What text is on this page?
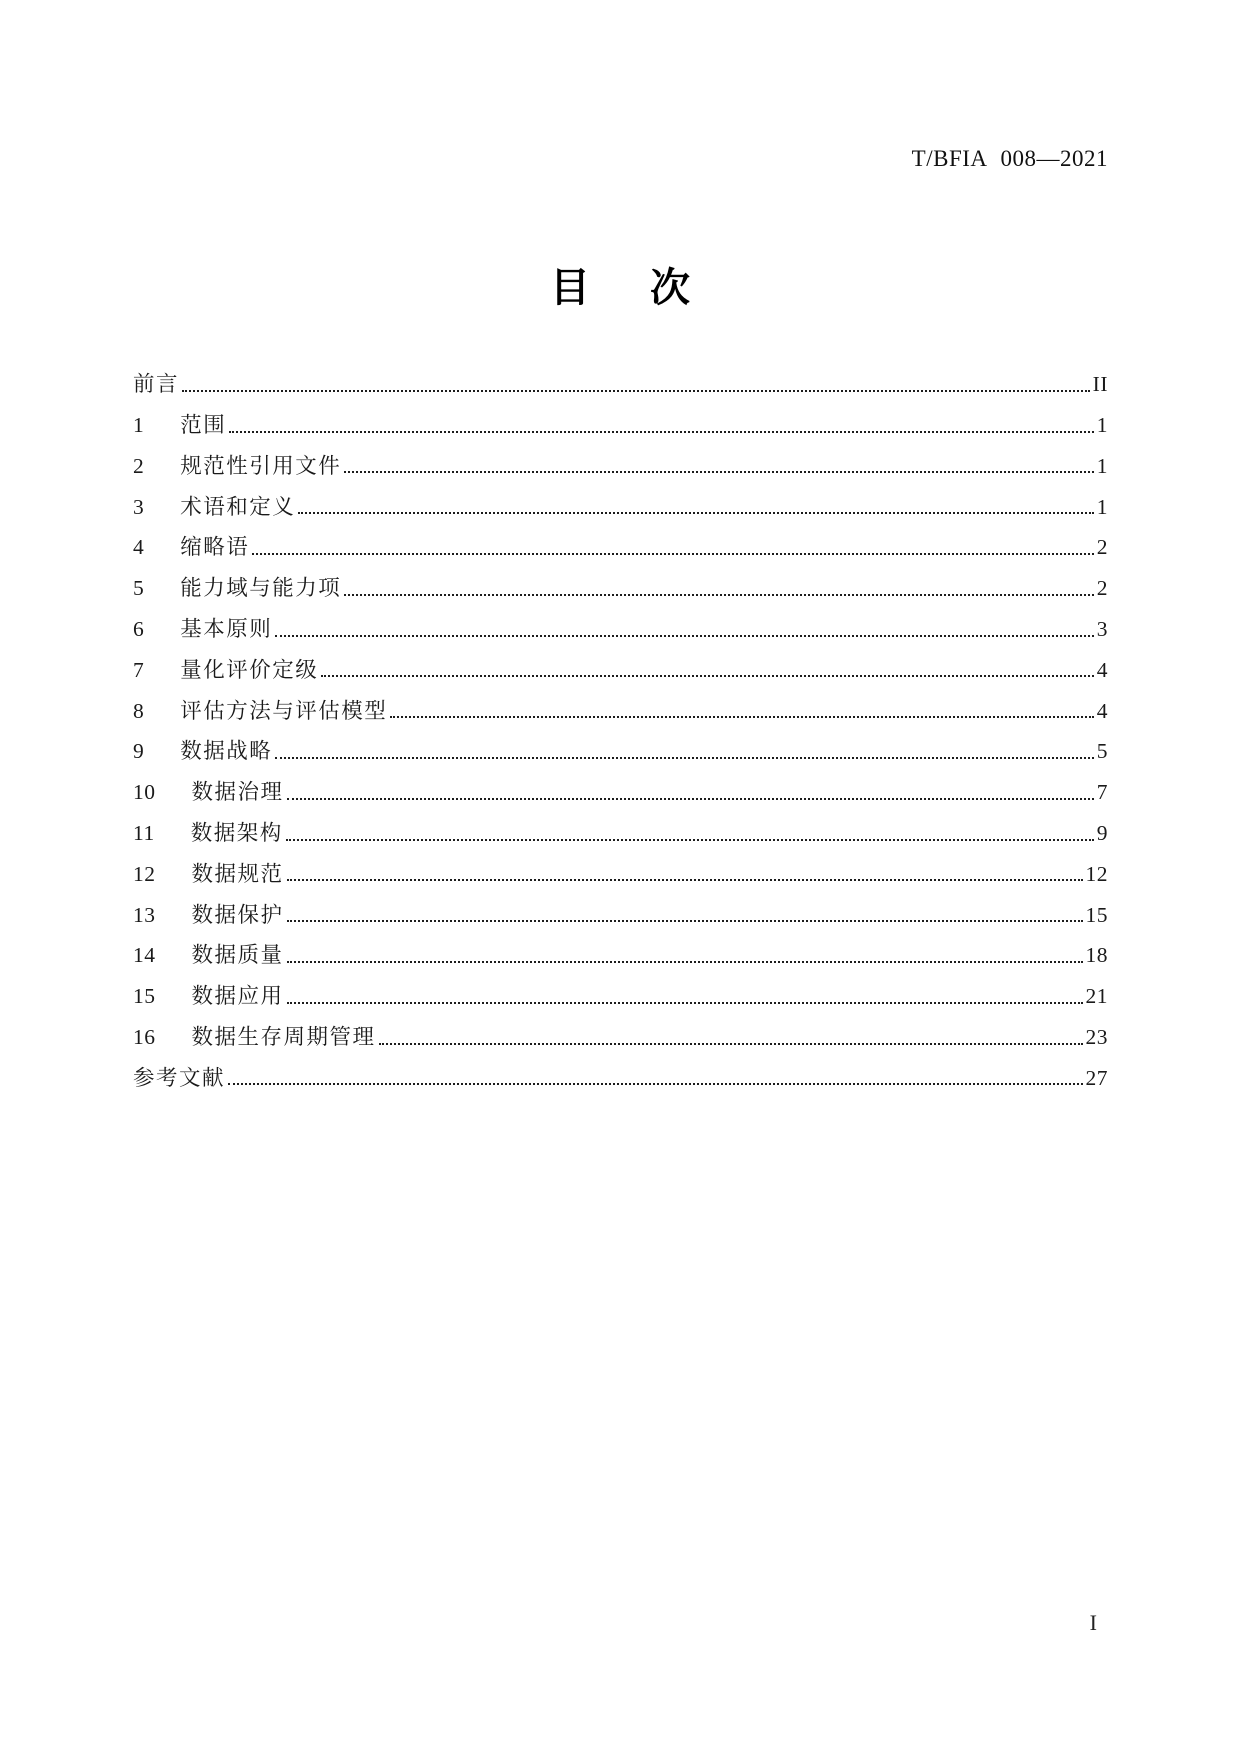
T/BFIA 008—2021
目 次
前言	II
1 范围	1
2 规范性引用文件	1
3 术语和定义	1
4 缩略语	2
5 能力域与能力项	2
6 基本原则	3
7 量化评价定级	4
8 评估方法与评估模型	4
9 数据战略	5
10 数据治理	7
11 数据架构	9
12 数据规范	12
13 数据保护	15
14 数据质量	18
15 数据应用	21
16 数据生存周期管理	23
参考文献	27
I
